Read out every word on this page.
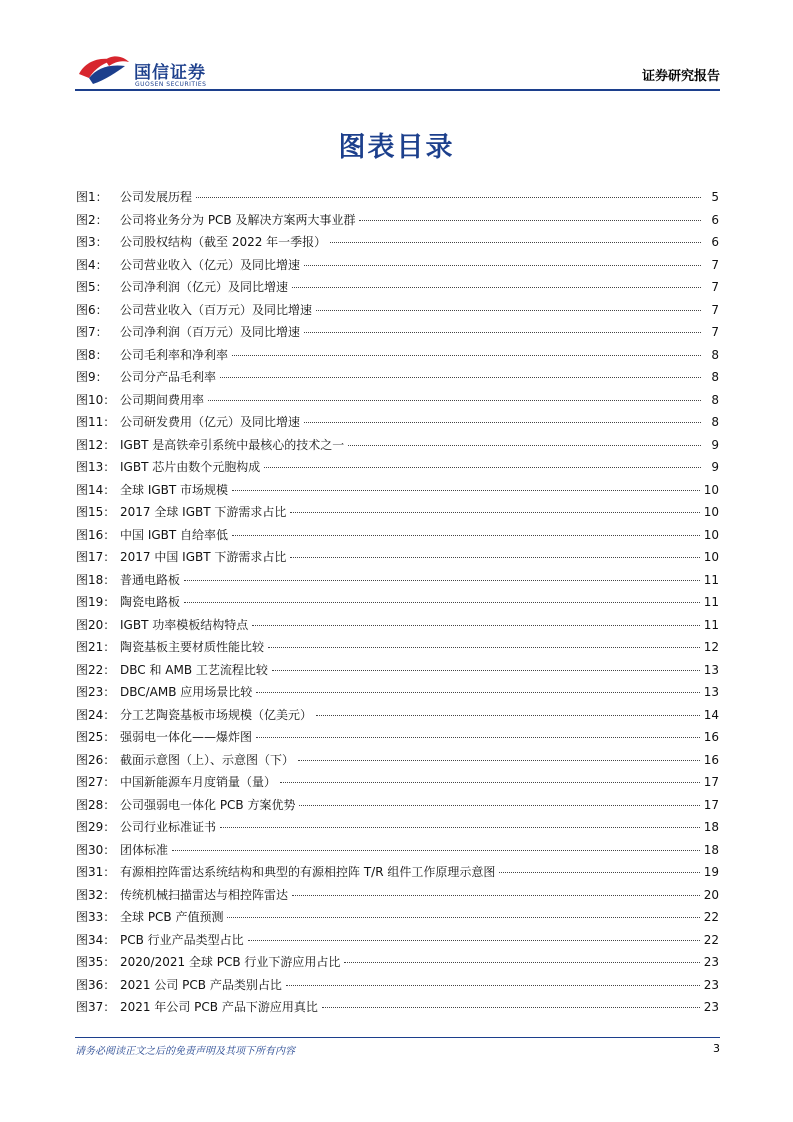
国信证券
GUOSEN SECURITIES
证券研究报告
图表目录
图1：	公司发展历程	5
图2：	公司将业务分为 PCB 及解决方案两大事业群	6
图3：	公司股权结构（截至 2022 年一季报）	6
图4：	公司营业收入（亿元）及同比增速	7
图5：	公司净利润（亿元）及同比增速	7
图6：	公司营业收入（百万元）及同比增速	7
图7：	公司净利润（百万元）及同比增速	7
图8：	公司毛利率和净利率	8
图9：	公司分产品毛利率	8
图10： 公司期间费用率	8
图11： 公司研发费用（亿元）及同比增速	8
图12： IGBT 是高铁牵引系统中最核心的技术之一	9
图13： IGBT 芯片由数个元胞构成	9
图14： 全球 IGBT 市场规模	10
图15： 2017 全球 IGBT 下游需求占比	10
图16： 中国 IGBT 自给率低	10
图17： 2017 中国 IGBT 下游需求占比	10
图18： 普通电路板	11
图19： 陶瓷电路板	11
图20： IGBT 功率模板结构特点	11
图21： 陶瓷基板主要材质性能比较	12
图22： DBC 和 AMB 工艺流程比较	13
图23： DBC/AMB 应用场景比较	13
图24： 分工艺陶瓷基板市场规模（亿美元）	14
图25： 强弱电一体化——爆炸图	16
图26： 截面示意图（上）、示意图（下）	16
图27： 中国新能源车月度销量（量）	17
图28： 公司强弱电一体化 PCB 方案优势	17
图29： 公司行业标准证书	18
图30： 团体标准	18
图31： 有源相控阵雷达系统结构和典型的有源相控阵 T/R 组件工作原理示意图	19
图32： 传统机械扫描雷达与相控阵雷达	20
图33： 全球 PCB 产值预测	22
图34： PCB 行业产品类型占比	22
图35： 2020/2021 全球 PCB 行业下游应用占比	23
图36： 2021 公司 PCB 产品类别占比	23
图37： 2021 年公司 PCB 产品下游应用真比	23
请务必阅读正文之后的免责声明及其项下所有内容	3
